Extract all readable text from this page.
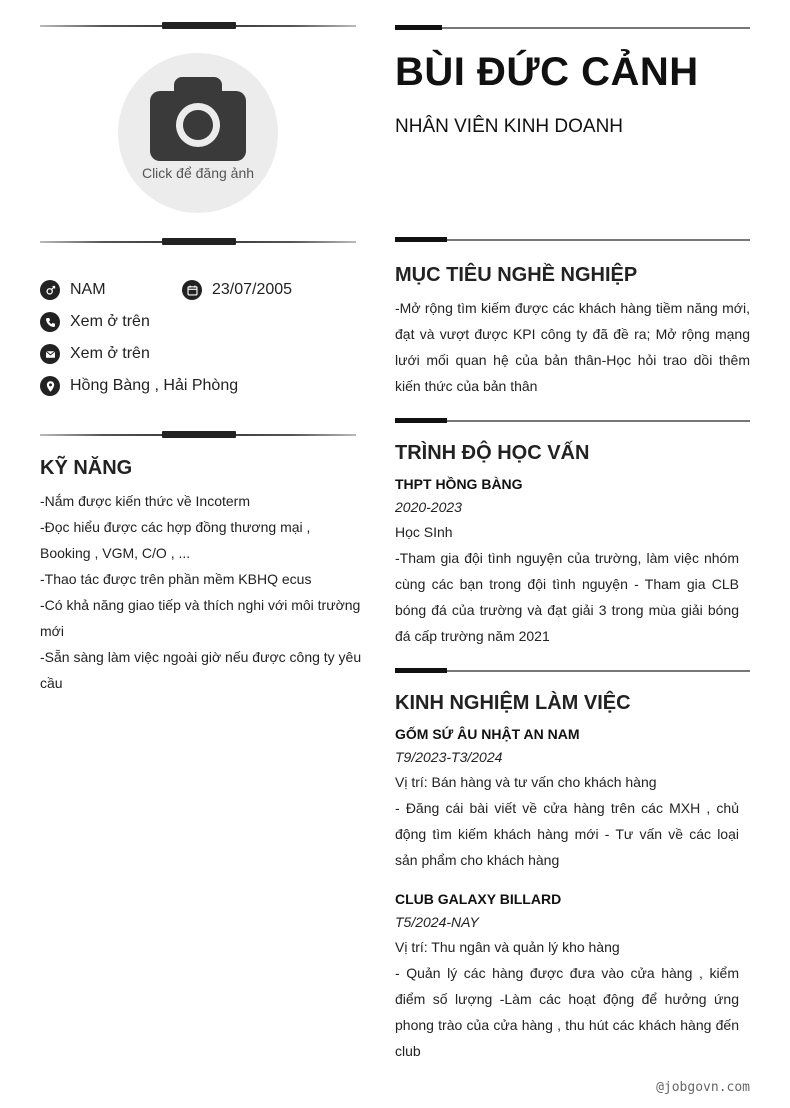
Click để đăng ảnh
NAM	23/07/2005
Xem ở trên
Xem ở trên
Hồng Bàng , Hải Phòng
KỸ NĂNG
-Nắm được kiến thức về Incoterm
-Đọc hiểu được các hợp đồng thương mại ,
Booking , VGM, C/O , ...
-Thao tác được trên phần mềm KBHQ ecus
-Có khả năng giao tiếp và thích nghi với môi trường
mới
-Sẵn sàng làm việc ngoài giờ nếu được công ty yêu
cầu
BÙI ĐỨC CẢNH
NHÂN VIÊN KINH DOANH
MỤC TIÊU NGHỀ NGHIỆP
-Mở rộng tìm kiếm được các khách hàng tiềm năng mới, đạt và vượt được KPI công ty đã đề ra; Mở rộng mạng lưới mối quan hệ của bản thân-Học hỏi trao dồi thêm kiến thức của bản thân
TRÌNH ĐỘ HỌC VẤN
THPT HỒNG BÀNG
2020-2023
Học SInh
-Tham gia đội tình nguyện của trường, làm việc nhóm cùng các bạn trong đội tình nguyện - Tham gia CLB bóng đá của trường và đạt giải 3 trong mùa giải bóng đá cấp trường năm 2021
KINH NGHIỆM LÀM VIỆC
GỐM SỨ ÂU NHẬT AN NAM
T9/2023-T3/2024
Vị trí: Bán hàng và tư vấn cho khách hàng
- Đăng cái bài viết về cửa hàng trên các MXH , chủ động tìm kiếm khách hàng mới - Tư vấn về các loại sản phẩm cho khách hàng
CLUB GALAXY BILLARD
T5/2024-NAY
Vị trí: Thu ngân và quản lý kho hàng
- Quản lý các hàng được đưa vào cửa hàng , kiểm điểm số lượng -Làm các hoạt động để hưởng ứng phong trào của cửa hàng , thu hút các khách hàng đến club
@jobgovn.com
